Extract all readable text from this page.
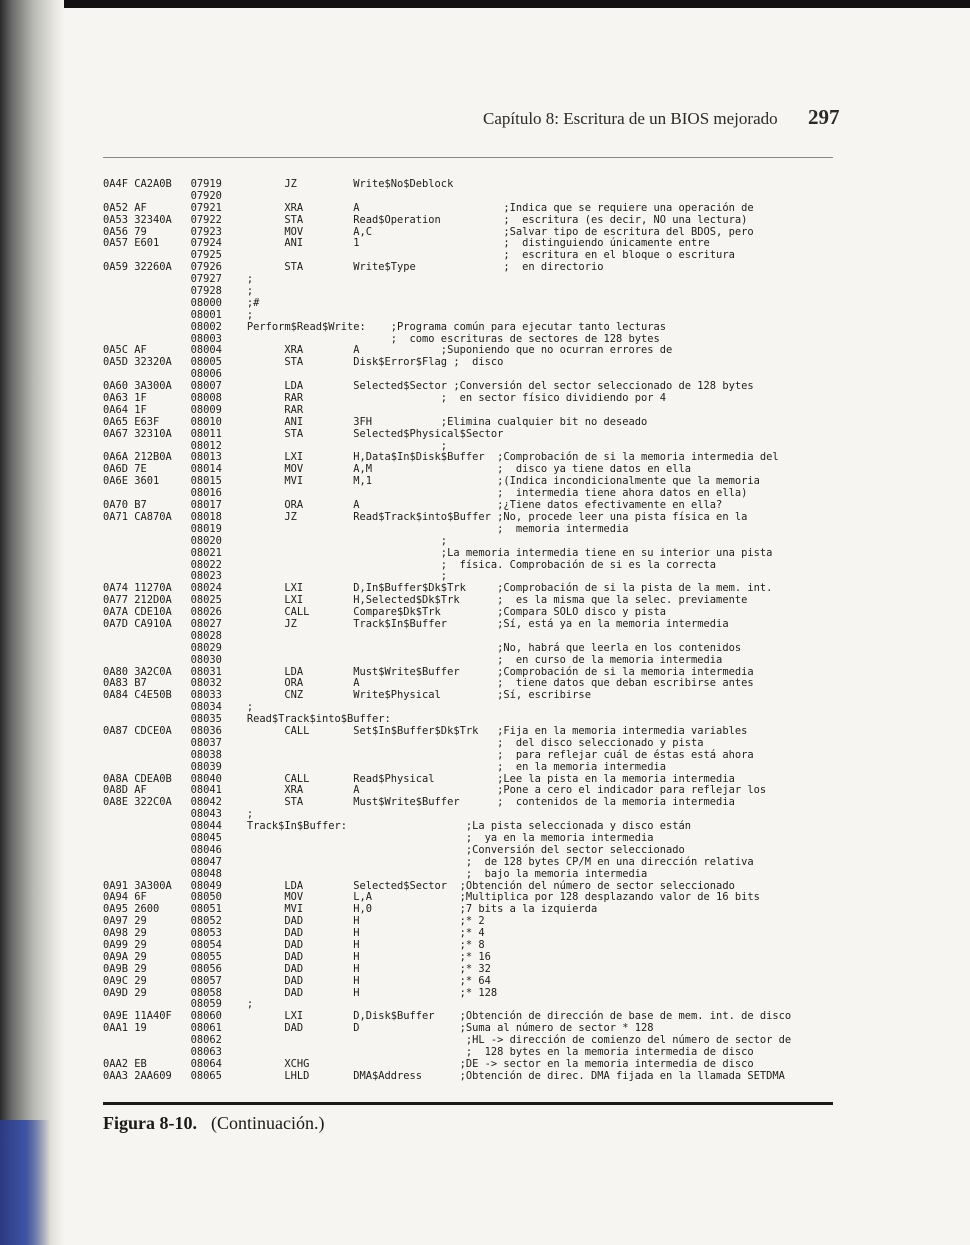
Capítulo 8: Escritura de un BIOS mejorado 297
0A4F CA2A0B   07919          JZ         Write$No$Deblock
07920
0A52 AF       07921          XRA        A                       ;Indica que se requiere una operación de
0A53 32340A   07922          STA        Read$Operation          ;  escritura (es decir, NO una lectura)
0A56 79       07923          MOV        A,C                     ;Salvar tipo de escritura del BDOS, pero
0A57 E601     07924          ANI        1                       ;  distinguiendo únicamente entre
07925                                             ;  escritura en el bloque o escritura
0A59 32260A   07926          STA        Write$Type              ;  en directorio
07927    ;
07928    ;
08000    ;#
08001    ;
08002    Perform$Read$Write:    ;Programa común para ejecutar tanto lecturas
08003                           ;  como escrituras de sectores de 128 bytes
0A5C AF       08004          XRA        A             ;Suponiendo que no ocurran errores de
0A5D 32320A   08005          STA        Disk$Error$Flag ;  disco
08006
0A60 3A300A   08007          LDA        Selected$Sector ;Conversión del sector seleccionado de 128 bytes
0A63 1F       08008          RAR                      ;  en sector físico dividiendo por 4
0A64 1F       08009          RAR
0A65 E63F     08010          ANI        3FH           ;Elimina cualquier bit no deseado
0A67 32310A   08011          STA        Selected$Physical$Sector
08012                                   ;
0A6A 212B0A   08013          LXI        H,Data$In$Disk$Buffer  ;Comprobación de si la memoria intermedia del
0A6D 7E       08014          MOV        A,M                    ;  disco ya tiene datos en ella
0A6E 3601     08015          MVI        M,1                    ;(Indica incondicionalmente que la memoria
08016                                            ;  intermedia tiene ahora datos en ella)
0A70 B7       08017          ORA        A                      ;¿Tiene datos efectivamente en ella?
0A71 CA870A   08018          JZ         Read$Track$into$Buffer ;No, procede leer una pista física en la
08019                                            ;  memoria intermedia
08020                                   ;
08021                                   ;La memoria intermedia tiene en su interior una pista
08022                                   ;  física. Comprobación de si es la correcta
08023                                   ;
0A74 11270A   08024          LXI        D,In$Buffer$Dk$Trk     ;Comprobación de si la pista de la mem. int.
0A77 212D0A   08025          LXI        H,Selected$Dk$Trk      ;  es la misma que la selec. previamente
0A7A CDE10A   08026          CALL       Compare$Dk$Trk         ;Compara SOLO disco y pista
0A7D CA910A   08027          JZ         Track$In$Buffer        ;Sí, está ya en la memoria intermedia
08028
08029                                            ;No, habrá que leerla en los contenidos
08030                                            ;  en curso de la memoria intermedia
0A80 3A2C0A   08031          LDA        Must$Write$Buffer      ;Comprobación de si la memoria intermedia
0A83 B7       08032          ORA        A                      ;  tiene datos que deban escribirse antes
0A84 C4E50B   08033          CNZ        Write$Physical         ;Sí, escribirse
08034    ;
08035    Read$Track$into$Buffer:
0A87 CDCE0A   08036          CALL       Set$In$Buffer$Dk$Trk   ;Fija en la memoria intermedia variables
08037                                            ;  del disco seleccionado y pista
08038                                            ;  para reflejar cuál de éstas está ahora
08039                                            ;  en la memoria intermedia
0A8A CDEA0B   08040          CALL       Read$Physical          ;Lee la pista en la memoria intermedia
0A8D AF       08041          XRA        A                      ;Pone a cero el indicador para reflejar los
0A8E 322C0A   08042          STA        Must$Write$Buffer      ;  contenidos de la memoria intermedia
08043    ;
08044    Track$In$Buffer:                   ;La pista seleccionada y disco están
08045                                       ;  ya en la memoria intermedia
08046                                       ;Conversión del sector seleccionado
08047                                       ;  de 128 bytes CP/M en una dirección relativa
08048                                       ;  bajo la memoria intermedia
0A91 3A300A   08049          LDA        Selected$Sector  ;Obtención del número de sector seleccionado
0A94 6F       08050          MOV        L,A              ;Multiplica por 128 desplazando valor de 16 bits
0A95 2600     08051          MVI        H,0              ;7 bits a la izquierda
0A97 29       08052          DAD        H                ;* 2
0A98 29       08053          DAD        H                ;* 4
0A99 29       08054          DAD        H                ;* 8
0A9A 29       08055          DAD        H                ;* 16
0A9B 29       08056          DAD        H                ;* 32
0A9C 29       08057          DAD        H                ;* 64
0A9D 29       08058          DAD        H                ;* 128
08059    ;
0A9E 11A40F   08060          LXI        D,Disk$Buffer    ;Obtención de dirección de base de mem. int. de disco
0AA1 19       08061          DAD        D                ;Suma al número de sector * 128
08062                                       ;HL -> dirección de comienzo del número de sector de
08063                                       ;  128 bytes en la memoria intermedia de disco
0AA2 EB       08064          XCHG                        ;DE -> sector en la memoria intermedia de disco
0AA3 2AA609   08065          LHLD       DMA$Address      ;Obtención de direc. DMA fijada en la llamada SETDMA
Figura 8-10. (Continuación.)
